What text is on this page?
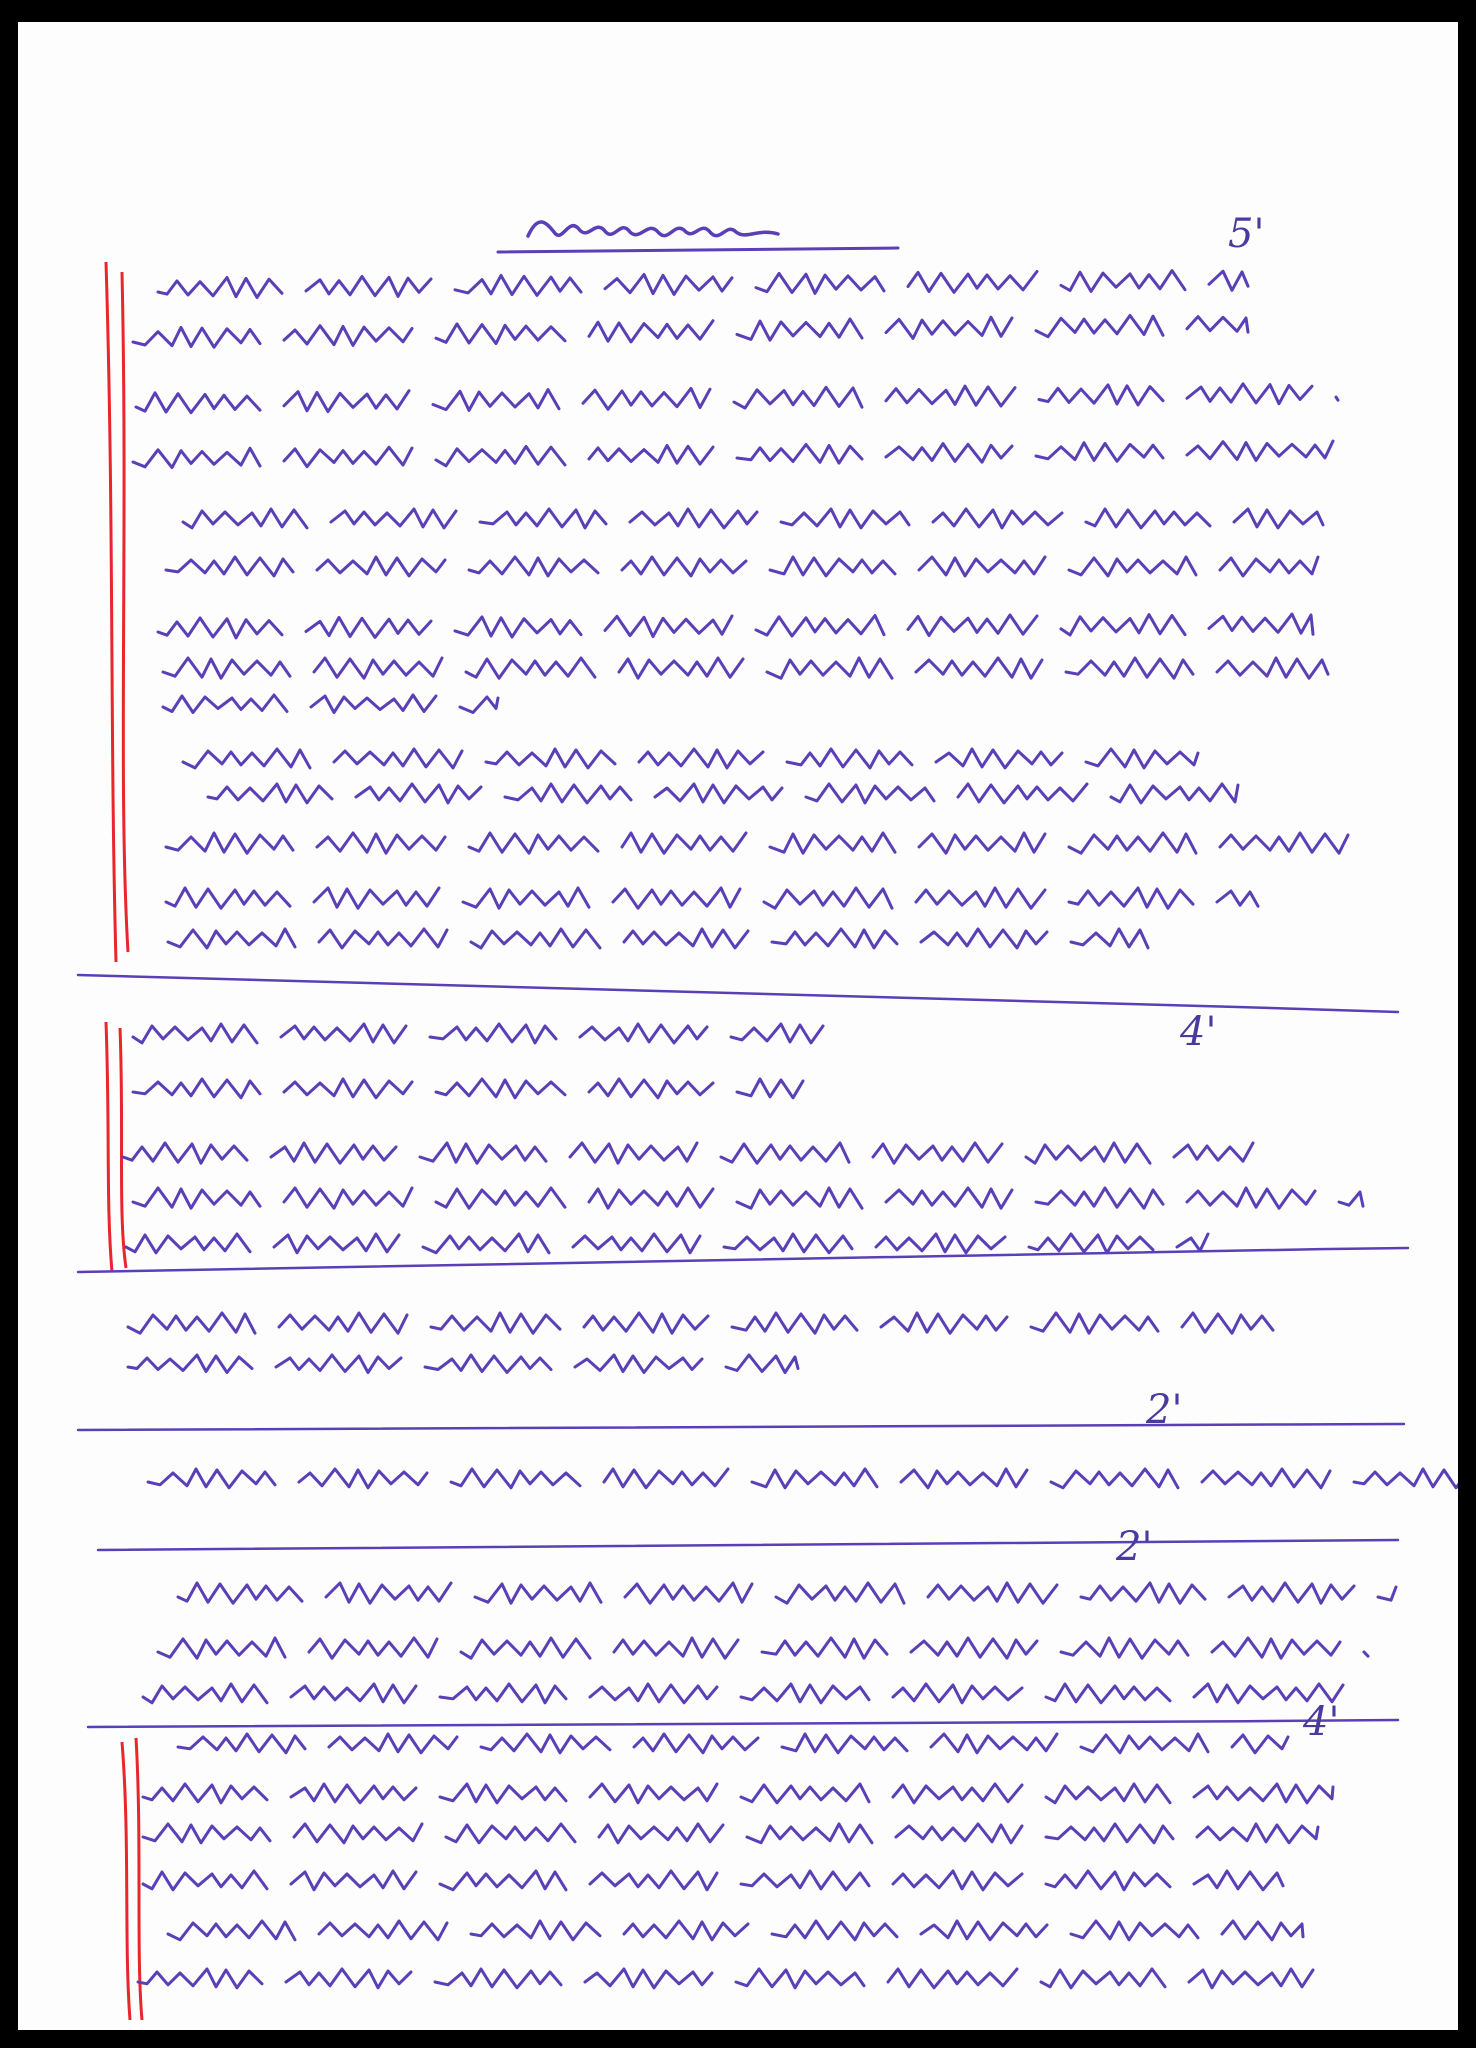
5'
4'
2'
2'
4'
